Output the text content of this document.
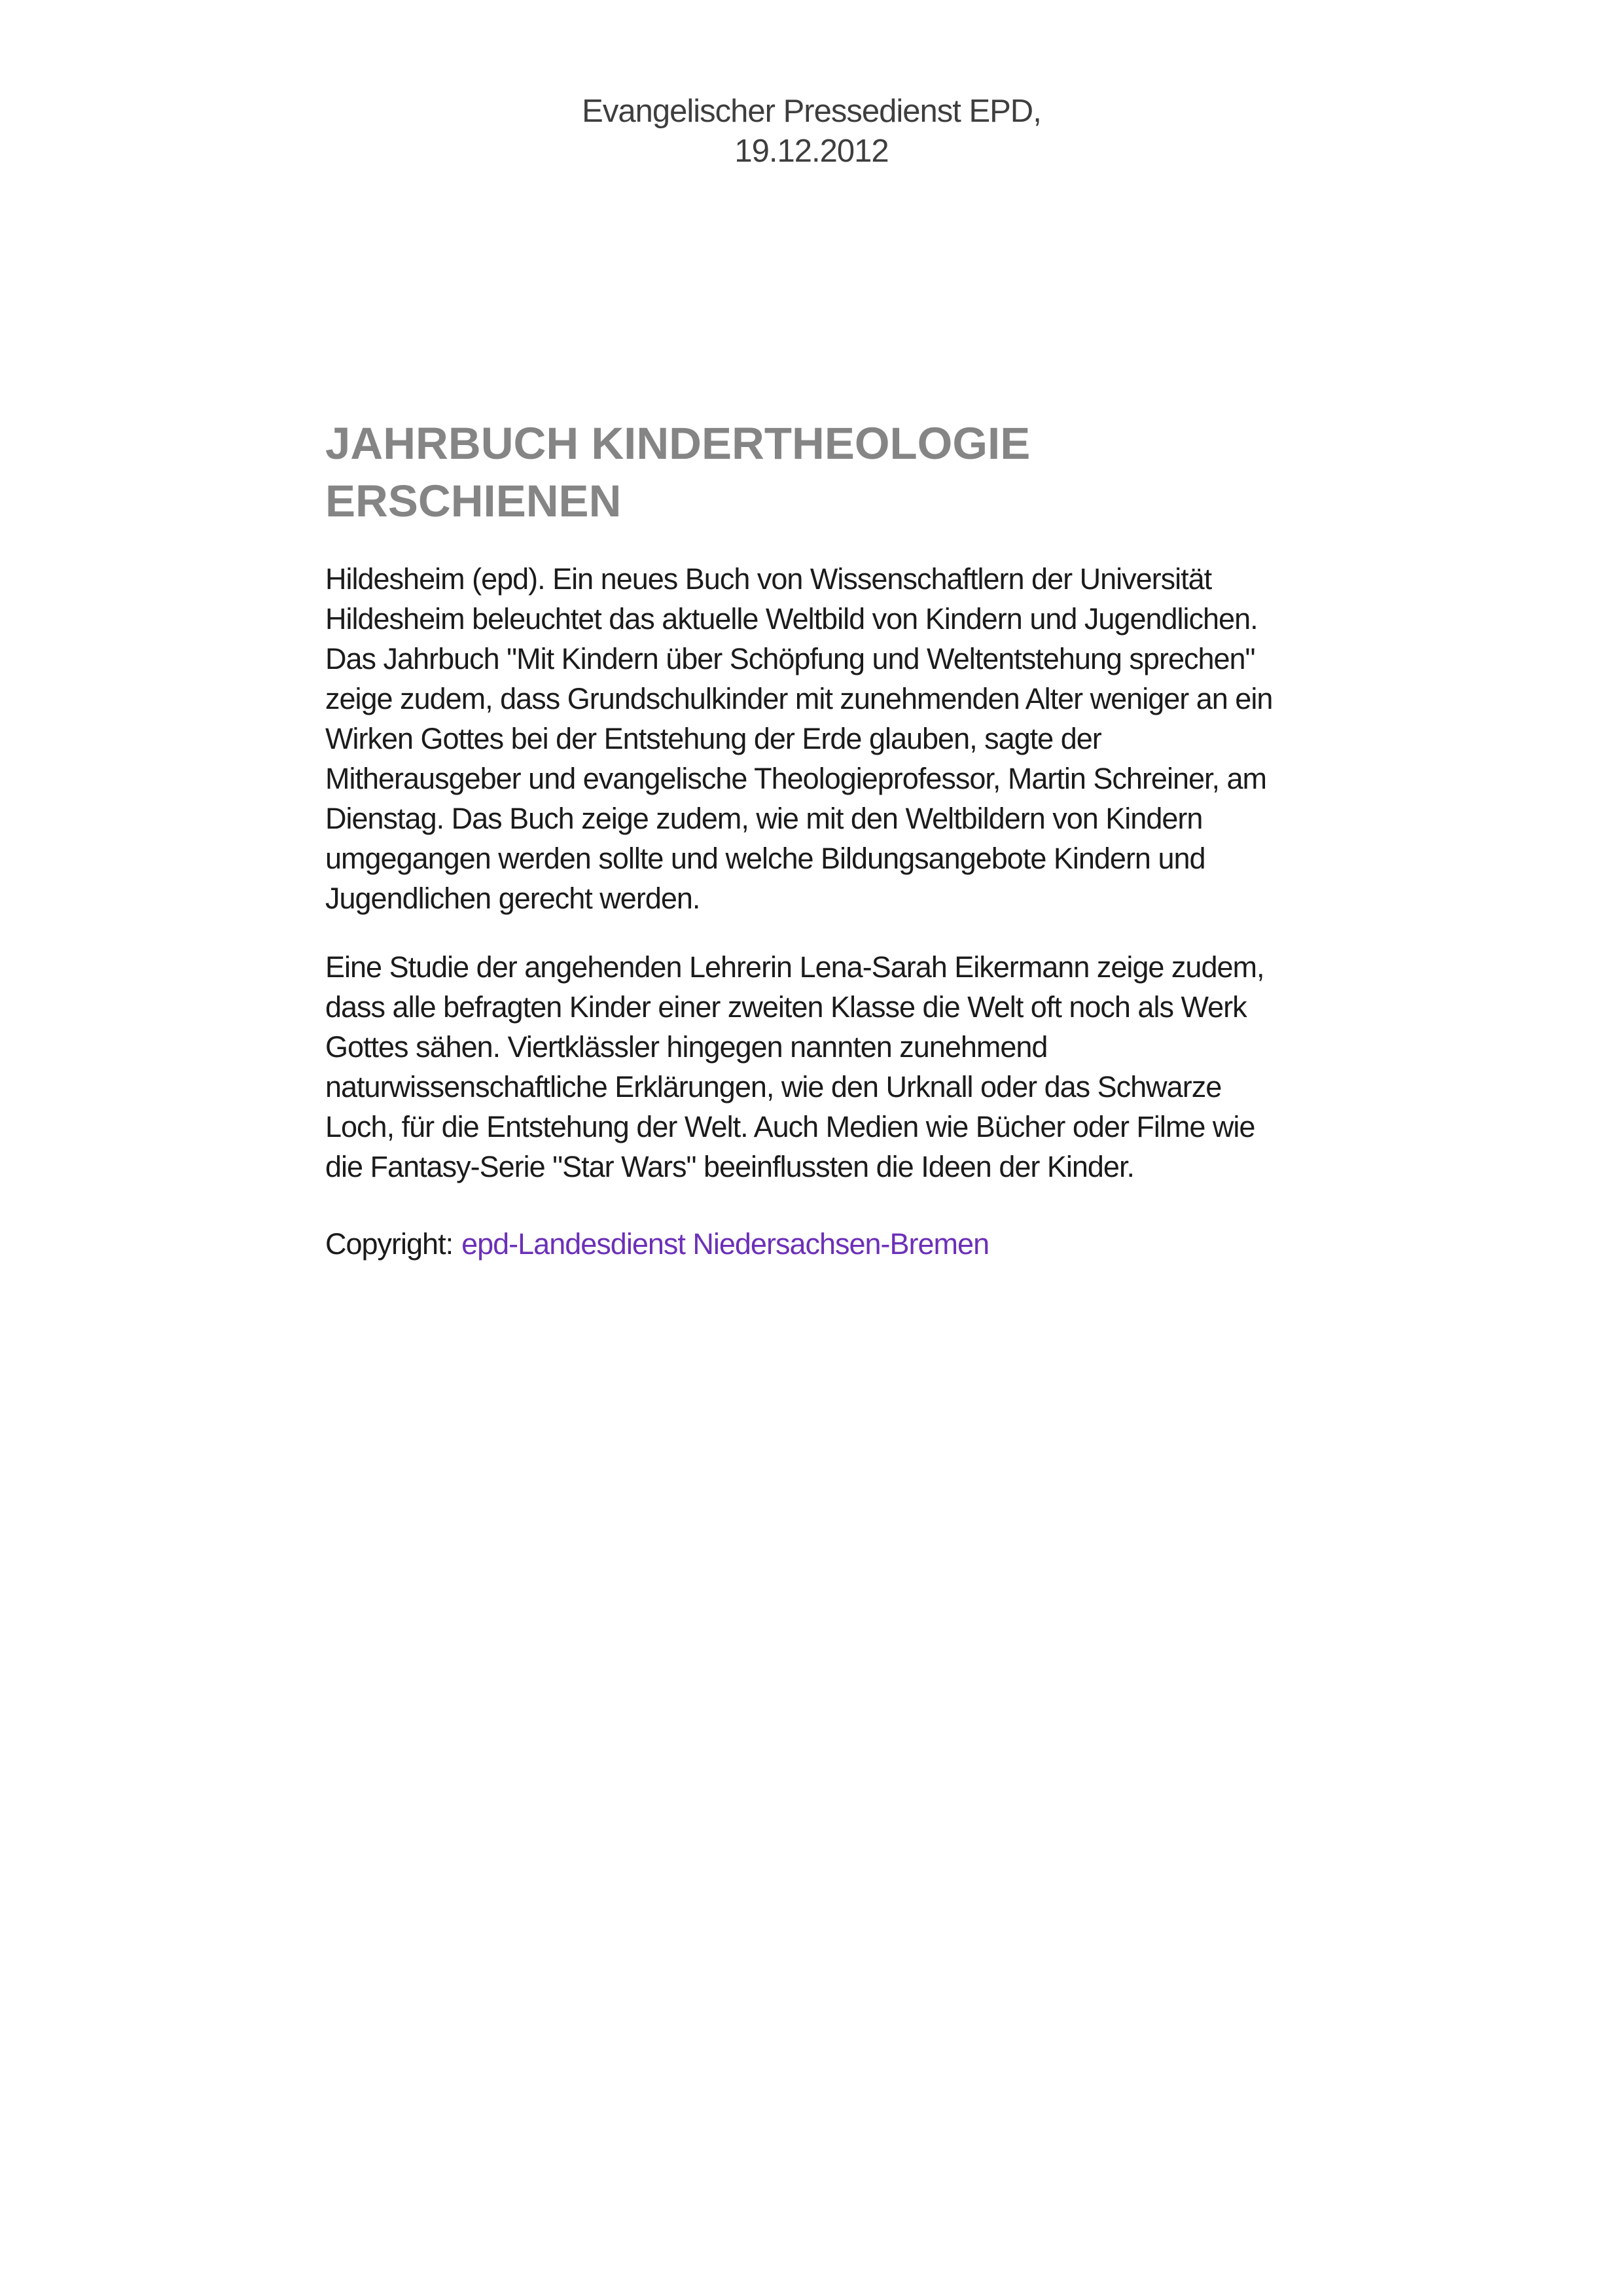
Evangelischer Pressedienst EPD,
19.12.2012
JAHRBUCH KINDERTHEOLOGIE
ERSCHIENEN
Hildesheim (epd). Ein neues Buch von Wissenschaftlern der Universität
Hildesheim beleuchtet das aktuelle Weltbild von Kindern und Jugendlichen.
Das Jahrbuch "Mit Kindern über Schöpfung und Weltentstehung sprechen"
zeige zudem, dass Grundschulkinder mit zunehmenden Alter weniger an ein
Wirken Gottes bei der Entstehung der Erde glauben, sagte der
Mitherausgeber und evangelische Theologieprofessor, Martin Schreiner, am
Dienstag. Das Buch zeige zudem, wie mit den Weltbildern von Kindern
umgegangen werden sollte und welche Bildungsangebote Kindern und
Jugendlichen gerecht werden.
Eine Studie der angehenden Lehrerin Lena-Sarah Eikermann zeige zudem,
dass alle befragten Kinder einer zweiten Klasse die Welt oft noch als Werk
Gottes sähen. Viertklässler hingegen nannten zunehmend
naturwissenschaftliche Erklärungen, wie den Urknall oder das Schwarze
Loch, für die Entstehung der Welt. Auch Medien wie Bücher oder Filme wie
die Fantasy-Serie "Star Wars" beeinflussten die Ideen der Kinder.
Copyright: epd-Landesdienst Niedersachsen-Bremen
